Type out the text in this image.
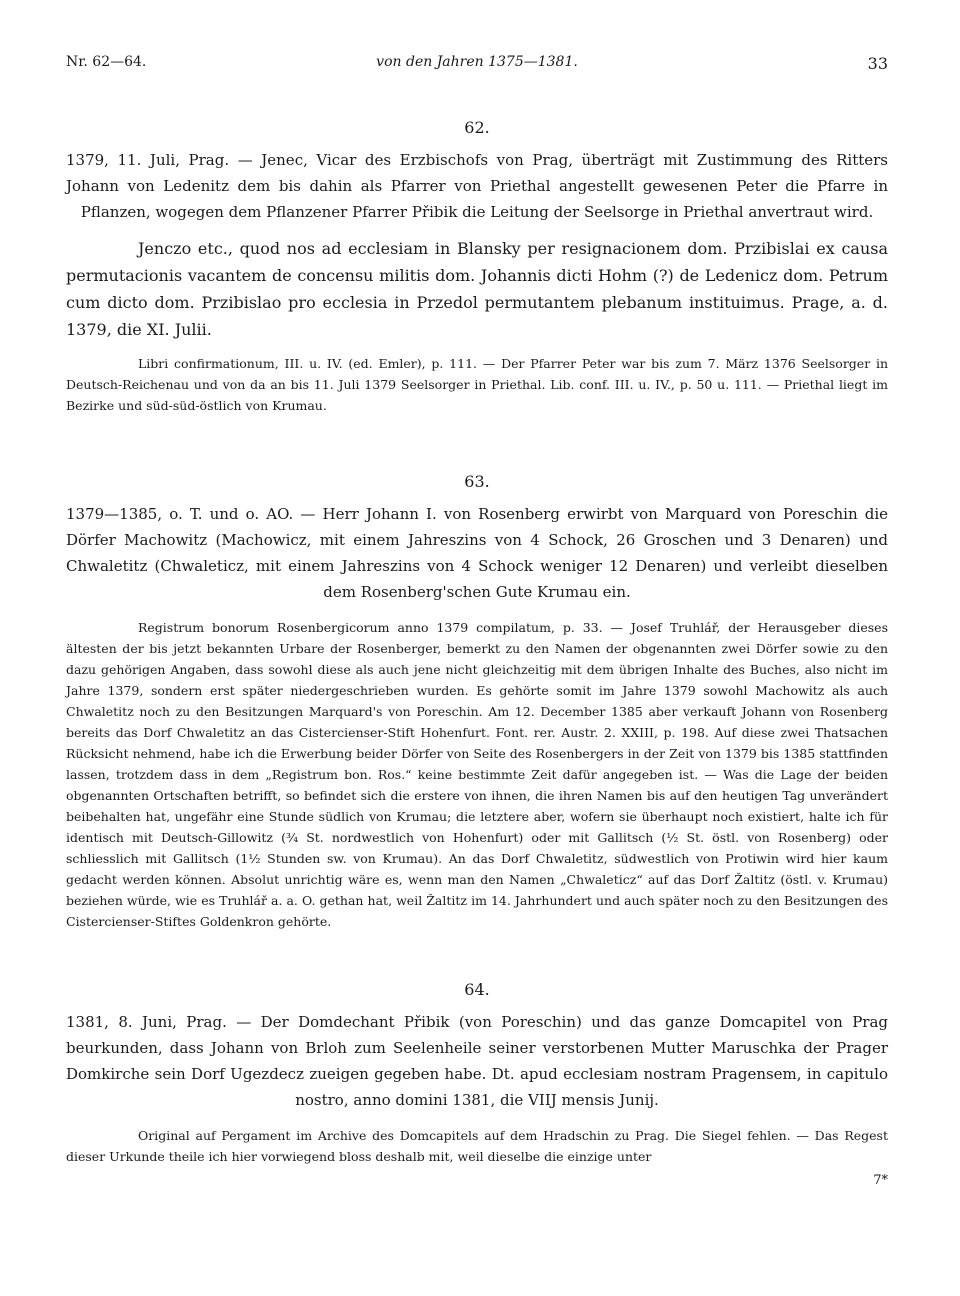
Nr. 62—64.	von den Jahren 1375—1381.	33

62.

1379, 11. Juli, Prag. — Jenec, Vicar des Erzbischofs von Prag, überträgt mit Zustimmung des Ritters Johann von Ledenitz dem bis dahin als Pfarrer von Priethal angestellt gewesenen Peter die Pfarre in Pflanzen, wogegen dem Pflanzener Pfarrer Přibik die Leitung der Seelsorge in Priethal anvertraut wird.

Jenczo etc., quod nos ad ecclesiam in Blansky per resignacionem dom. Przibislai ex causa permutacionis vacantem de concensu militis dom. Johannis dicti Hohm (?) de Ledenicz dom. Petrum cum dicto dom. Przibislao pro ecclesia in Przedol permutantem plebanum instituimus. Prage, a. d. 1379, die XI. Julii.

Libri confirmationum, III. u. IV. (ed. Emler), p. 111. — Der Pfarrer Peter war bis zum 7. März 1376 Seelsorger in Deutsch-Reichenau und von da an bis 11. Juli 1379 Seelsorger in Priethal. Lib. conf. III. u. IV., p. 50 u. 111. — Priethal liegt im Bezirke und süd-süd-östlich von Krumau.

63.

1379—1385, o. T. und o. AO. — Herr Johann I. von Rosenberg erwirbt von Marquard von Poreschin die Dörfer Machowitz (Machowicz, mit einem Jahreszins von 4 Schock, 26 Groschen und 3 Denaren) und Chwaletitz (Chwaleticz, mit einem Jahreszins von 4 Schock weniger 12 Denaren) und verleibt dieselben dem Rosenberg'schen Gute Krumau ein.

Registrum bonorum Rosenbergicorum anno 1379 compilatum, p. 33. — Josef Truhlář, der Herausgeber dieses ältesten der bis jetzt bekannten Urbare der Rosenberger, bemerkt zu den Namen der obgenannten zwei Dörfer sowie zu den dazu gehörigen Angaben, dass sowohl diese als auch jene nicht gleichzeitig mit dem übrigen Inhalte des Buches, also nicht im Jahre 1379, sondern erst später niedergeschrieben wurden. Es gehörte somit im Jahre 1379 sowohl Machowitz als auch Chwaletitz noch zu den Besitzungen Marquard's von Poreschin. Am 12. December 1385 aber verkauft Johann von Rosenberg bereits das Dorf Chwaletitz an das Cistercienser-Stift Hohenfurt. Font. rer. Austr. 2. XXIII, p. 198. Auf diese zwei Thatsachen Rücksicht nehmend, habe ich die Erwerbung beider Dörfer von Seite des Rosenbergers in der Zeit von 1379 bis 1385 stattfinden lassen, trotzdem dass in dem „Registrum bon. Ros.“ keine bestimmte Zeit dafür angegeben ist. — Was die Lage der beiden obgenannten Ortschaften betrifft, so befindet sich die erstere von ihnen, die ihren Namen bis auf den heutigen Tag unverändert beibehalten hat, ungefähr eine Stunde südlich von Krumau; die letztere aber, wofern sie überhaupt noch existiert, halte ich für identisch mit Deutsch-Gillowitz (¾ St. nordwestlich von Hohenfurt) oder mit Gallitsch (½ St. östl. von Rosenberg) oder schliesslich mit Gallitsch (1½ Stunden sw. von Krumau). An das Dorf Chwaletitz, südwestlich von Protiwin wird hier kaum gedacht werden können. Absolut unrichtig wäre es, wenn man den Namen „Chwaleticz“ auf das Dorf Žaltitz (östl. v. Krumau) beziehen würde, wie es Truhlář a. a. O. gethan hat, weil Žaltitz im 14. Jahrhundert und auch später noch zu den Besitzungen des Cistercienser-Stiftes Goldenkron gehörte.

64.

1381, 8. Juni, Prag. — Der Domdechant Přibik (von Poreschin) und das ganze Domcapitel von Prag beurkunden, dass Johann von Brloh zum Seelenheile seiner verstorbenen Mutter Maruschka der Prager Domkirche sein Dorf Ugezdecz zueigen gegeben habe. Dt. apud ecclesiam nostram Pragensem, in capitulo nostro, anno domini 1381, die VIIJ mensis Junij.

Original auf Pergament im Archive des Domcapitels auf dem Hradschin zu Prag. Die Siegel fehlen. — Das Regest dieser Urkunde theile ich hier vorwiegend bloss deshalb mit, weil dieselbe die einzige unter

7*
